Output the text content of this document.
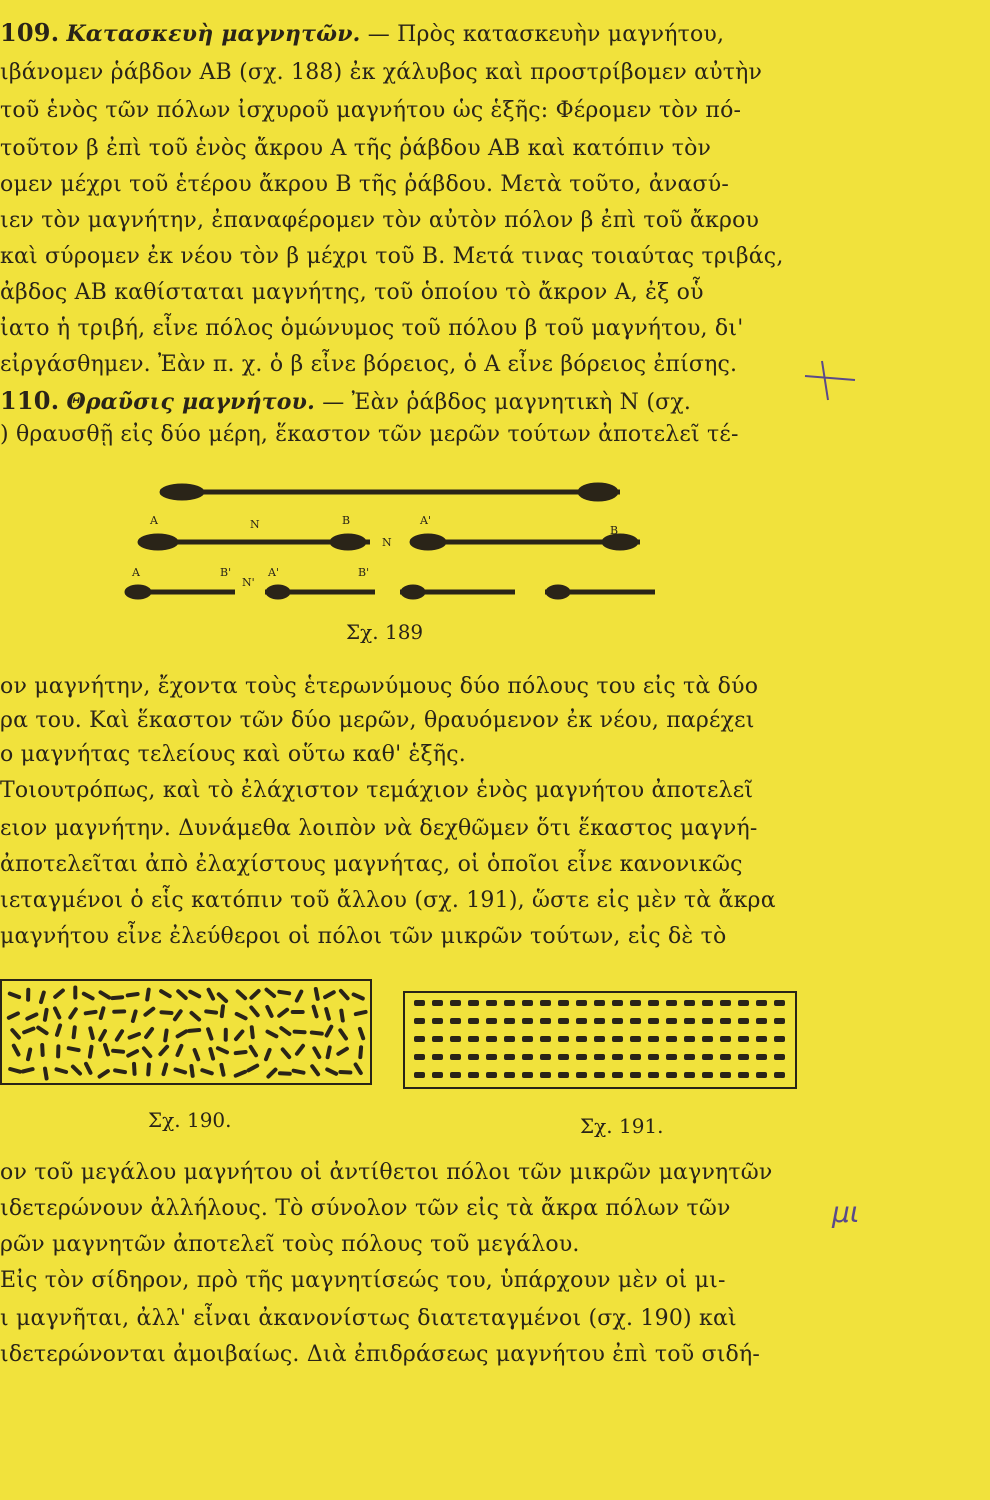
109. Κατασκευὴ μαγνητῶν. — Πρὸς κατασκευὴν μαγνήτου,
ιβάνομεν ῥάβδον ΑΒ (σχ. 188) ἐκ χάλυβος καὶ προστρίβομεν αὐτὴν
τοῦ ἑνὸς τῶν πόλων ἰσχυροῦ μαγνήτου ὡς ἑξῆς: Φέρομεν τὸν πό-
τοῦτον β ἐπὶ τοῦ ἑνὸς ἄκρου Α τῆς ῥάβδου ΑΒ καὶ κατόπιν τὸν
ομεν μέχρι τοῦ ἑτέρου ἄκρου Β τῆς ῥάβδου. Μετὰ τοῦτο, ἀνασύ-
ιεν τὸν μαγνήτην, ἐπαναφέρομεν τὸν αὐτὸν πόλον β ἐπὶ τοῦ ἄκρου
καὶ σύρομεν ἐκ νέου τὸν β μέχρι τοῦ Β. Μετά τινας τοιαύτας τριβάς,
ἀβδος ΑΒ καθίσταται μαγνήτης, τοῦ ὁποίου τὸ ἄκρον Α, ἐξ οὗ
ἰατο ἡ τριβή, εἶνε πόλος ὁμώνυμος τοῦ πόλου β τοῦ μαγνήτου, δι'
εἰργάσθημεν. Ἐὰν π. χ. ὁ β εἶνε βόρειος, ὁ Α εἶνε βόρειος ἐπίσης.
110. Θραῦσις μαγνήτου. — Ἐὰν ῥάβδος μαγνητικὴ Ν (σχ.
) θραυσθῇ εἰς δύο μέρη, ἕκαστον τῶν μερῶν τούτων ἀποτελεῖ τέ-
Α	Ν	Β	Α'
Β
Ν
Α	Β'
Ν'
Α'	Β'
Σχ. 189
ον μαγνήτην, ἔχοντα τοὺς ἑτερωνύμους δύο πόλους του εἰς τὰ δύο
ρα του. Καὶ ἕκαστον τῶν δύο μερῶν, θραυόμενον ἐκ νέου, παρέχει
ο μαγνήτας τελείους καὶ οὕτω καθ' ἑξῆς.
Τοιουτρόπως, καὶ τὸ ἐλάχιστον τεμάχιον ἑνὸς μαγνήτου ἀποτελεῖ
ειον μαγνήτην. Δυνάμεθα λοιπὸν νὰ δεχθῶμεν ὅτι ἕκαστος μαγνή-
ἀποτελεῖται ἀπὸ ἐλαχίστους μαγνήτας, οἱ ὁποῖοι εἶνε κανονικῶς
ιεταγμένοι ὁ εἷς κατόπιν τοῦ ἄλλου (σχ. 191), ὥστε εἰς μὲν τὰ ἄκρα
μαγνήτου εἶνε ἐλεύθεροι οἱ πόλοι τῶν μικρῶν τούτων, εἰς δὲ τὸ
Σχ. 190.	Σχ. 191.
ον τοῦ μεγάλου μαγνήτου οἱ ἀντίθετοι πόλοι τῶν μικρῶν μαγνητῶν
ιδετερώνουν ἀλλήλους. Τὸ σύνολον τῶν εἰς τὰ ἄκρα πόλων τῶν
ρῶν μαγνητῶν ἀποτελεῖ τοὺς πόλους τοῦ μεγάλου.
Εἰς τὸν σίδηρον, πρὸ τῆς μαγνητίσεώς του, ὑπάρχουν μὲν οἱ μι-
ι μαγνῆται, ἀλλ' εἶναι ἀκανονίστως διατεταγμένοι (σχ. 190) καὶ
ιδετερώνονται ἀμοιβαίως. Διὰ ἐπιδράσεως μαγνήτου ἐπὶ τοῦ σιδή-
μι
